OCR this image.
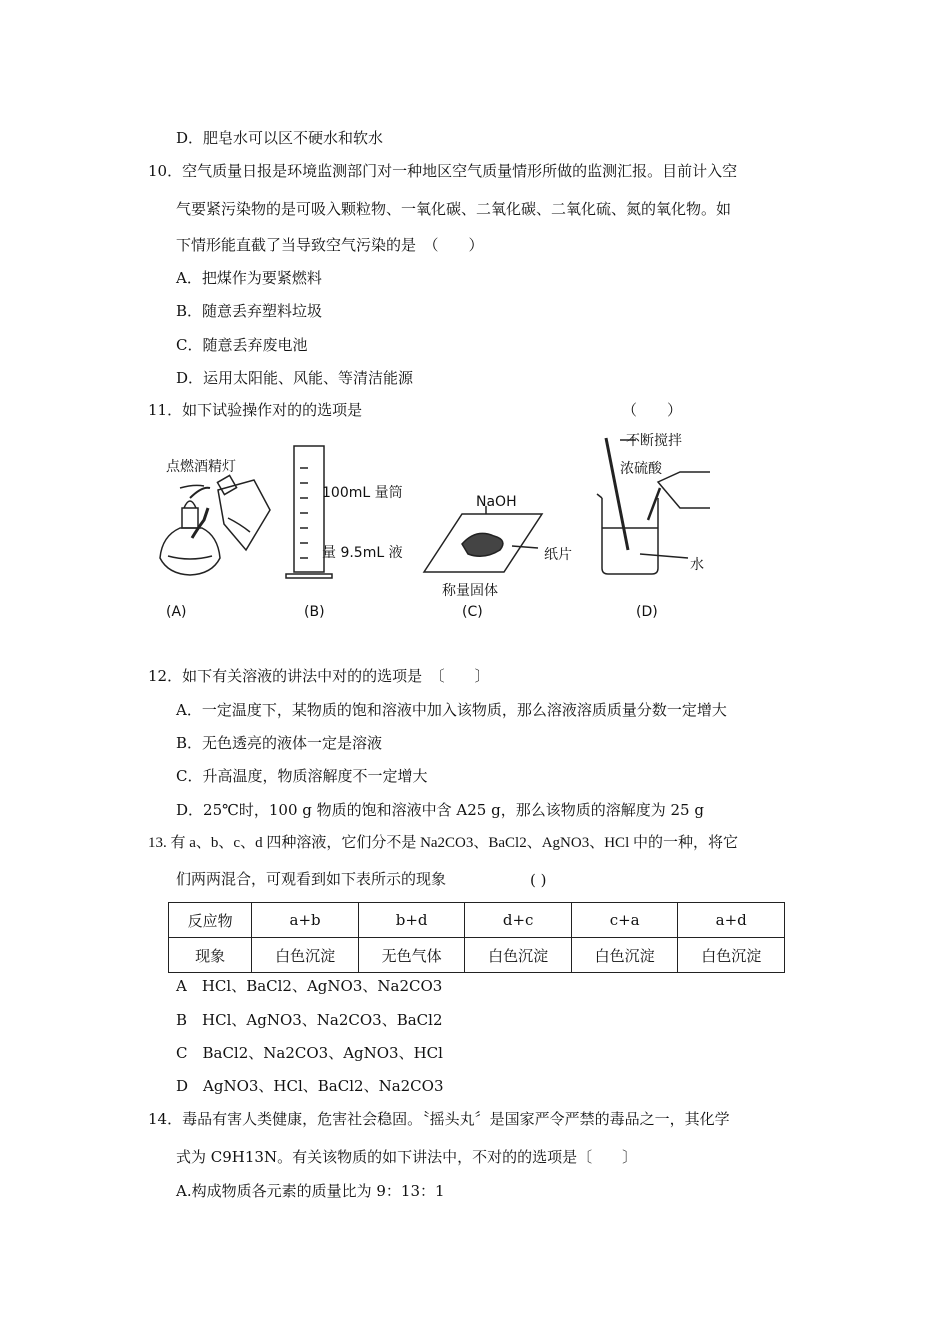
D．肥皂水可以区不硬水和软水
10．空气质量日报是环境监测部门对一种地区空气质量情形所做的监测汇报。目前计入空
气要紧污染物的是可吸入颗粒物、一氧化碳、二氧化碳、二氧化硫、氮的氧化物。如
下情形能直截了当导致空气污染的是　（　　）
A．把煤作为要紧燃料
B．随意丢弃塑料垃圾
C．随意丢弃废电池
D．运用太阳能、风能、等清洁能源
11．如下试验操作对的的选项是	（　　）
点燃酒精灯
100mL 量筒
量 9.5mL 液
NaOH
纸片
称量固体
不断搅拌
浓硫酸
水
(A)	(B)	(C)	(D)
12．如下有关溶液的讲法中对的的选项是　〔　　〕
A．一定温度下，某物质的饱和溶液中加入该物质，那么溶液溶质质量分数一定增大
B．无色透亮的液体一定是溶液
C．升高温度，物质溶解度不一定增大
D．25℃时，100 g 物质的饱和溶液中含 A25 g，那么该物质的溶解度为 25 g
13. 有 a、b、c、d 四种溶液，它们分不是 Na2CO3、BaCl2、AgNO3、HCl 中的一种，将它
们两两混合，可观看到如下表所示的现象	( )
反应物	a+b	b+d	d+c	c+a	a+d
现象	白色沉淀	无色气体	白色沉淀	白色沉淀	白色沉淀
A　HCl、BaCl2、AgNO3、Na2CO3
B　HCl、AgNO3、Na2CO3、BaCl2
C　BaCl2、Na2CO3、AgNO3、HCl
D　AgNO3、HCl、BaCl2、Na2CO3
14．毒品有害人类健康，危害社会稳固。〝摇头丸〞是国家严令严禁的毒品之一，其化学
式为 C9H13N。有关该物质的如下讲法中，不对的的选项是〔　　〕
A.构成物质各元素的质量比为 9：13：1
